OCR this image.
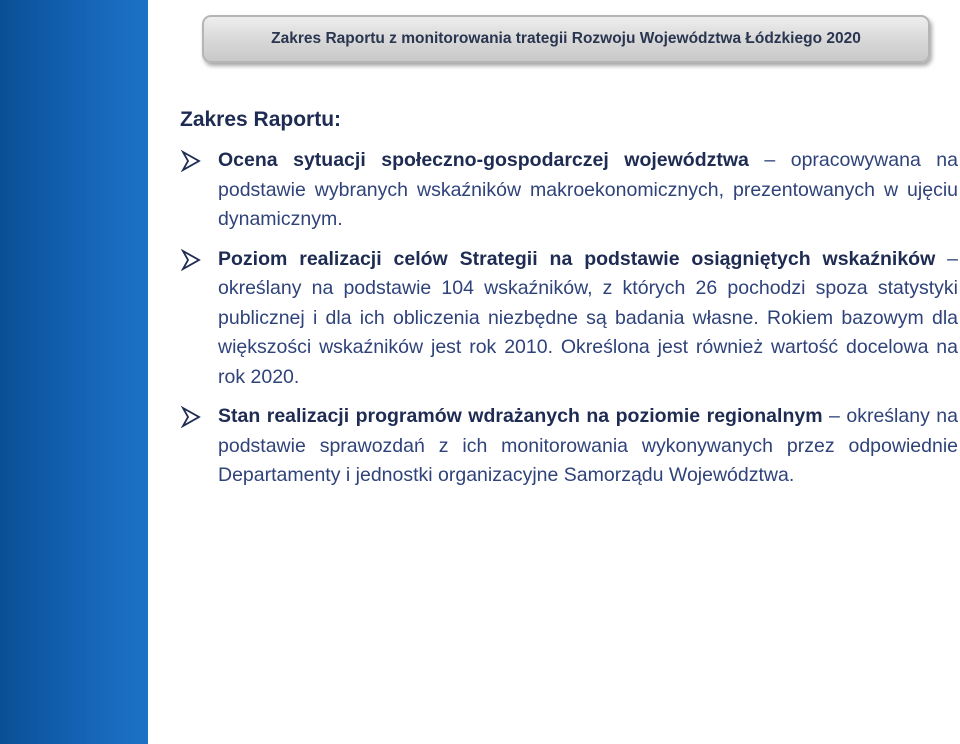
Zakres Raportu z monitorowania trategii Rozwoju Województwa Łódzkiego 2020
Zakres Raportu:
Ocena sytuacji społeczno-gospodarczej województwa – opracowywana na podstawie wybranych wskaźników makroekonomicznych, prezentowanych w ujęciu dynamicznym.
Poziom realizacji celów Strategii na podstawie osiągniętych wskaźników – określany na podstawie 104 wskaźników, z których 26 pochodzi spoza statystyki publicznej i dla ich obliczenia niezbędne są badania własne. Rokiem bazowym dla większości wskaźników jest rok 2010. Określona jest również wartość docelowa na rok 2020.
Stan realizacji programów wdrażanych na poziomie regionalnym – określany na podstawie sprawozdań z ich monitorowania wykonywanych przez odpowiednie Departamenty i jednostki organizacyjne Samorządu Województwa.
